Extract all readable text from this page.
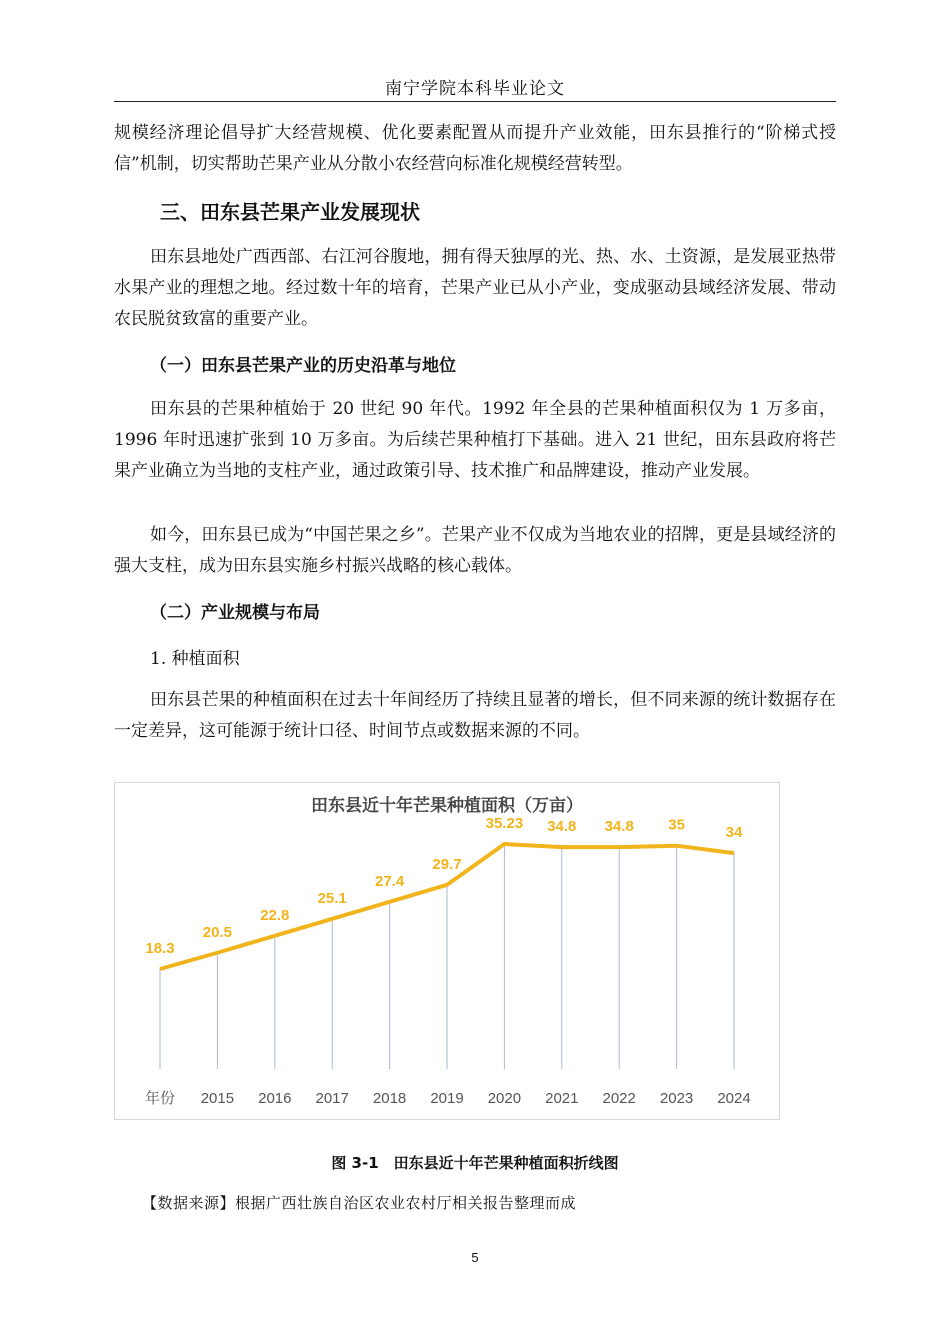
南宁学院本科毕业论文

规模经济理论倡导扩大经营规模、优化要素配置从而提升产业效能，田东县推行的“阶梯式授信”机制，切实帮助芒果产业从分散小农经营向标准化规模经营转型。

三、田东县芒果产业发展现状

田东县地处广西西部、右江河谷腹地，拥有得天独厚的光、热、水、土资源，是发展亚热带水果产业的理想之地。经过数十年的培育，芒果产业已从小产业，变成驱动县域经济发展、带动农民脱贫致富的重要产业。

（一）田东县芒果产业的历史沿革与地位

田东县的芒果种植始于 20 世纪 90 年代。1992 年全县的芒果种植面积仅为 1 万多亩，1996 年时迅速扩张到 10 万多亩。为后续芒果种植打下基础。进入 21 世纪，田东县政府将芒果产业确立为当地的支柱产业，通过政策引导、技术推广和品牌建设，推动产业发展。

如今，田东县已成为“中国芒果之乡”。芒果产业不仅成为当地农业的招牌，更是县域经济的强大支柱，成为田东县实施乡村振兴战略的核心载体。

（二）产业规模与布局
1. 种植面积

田东县芒果的种植面积在过去十年间经历了持续且显著的增长，但不同来源的统计数据存在一定差异，这可能源于统计口径、时间节点或数据来源的不同。

田东县近十年芒果种植面积（万亩）
18.3
20.5
22.8
25.1
27.4
29.7
35.23 34.8 34.8 35	34
年份 2015 2016 2017 2018 2019 2020 2021 2022 2023 2024
图 3-1　田东县近十年芒果种植面积折线图
【数据来源】根据广西壮族自治区农业农村厅相关报告整理而成
5
